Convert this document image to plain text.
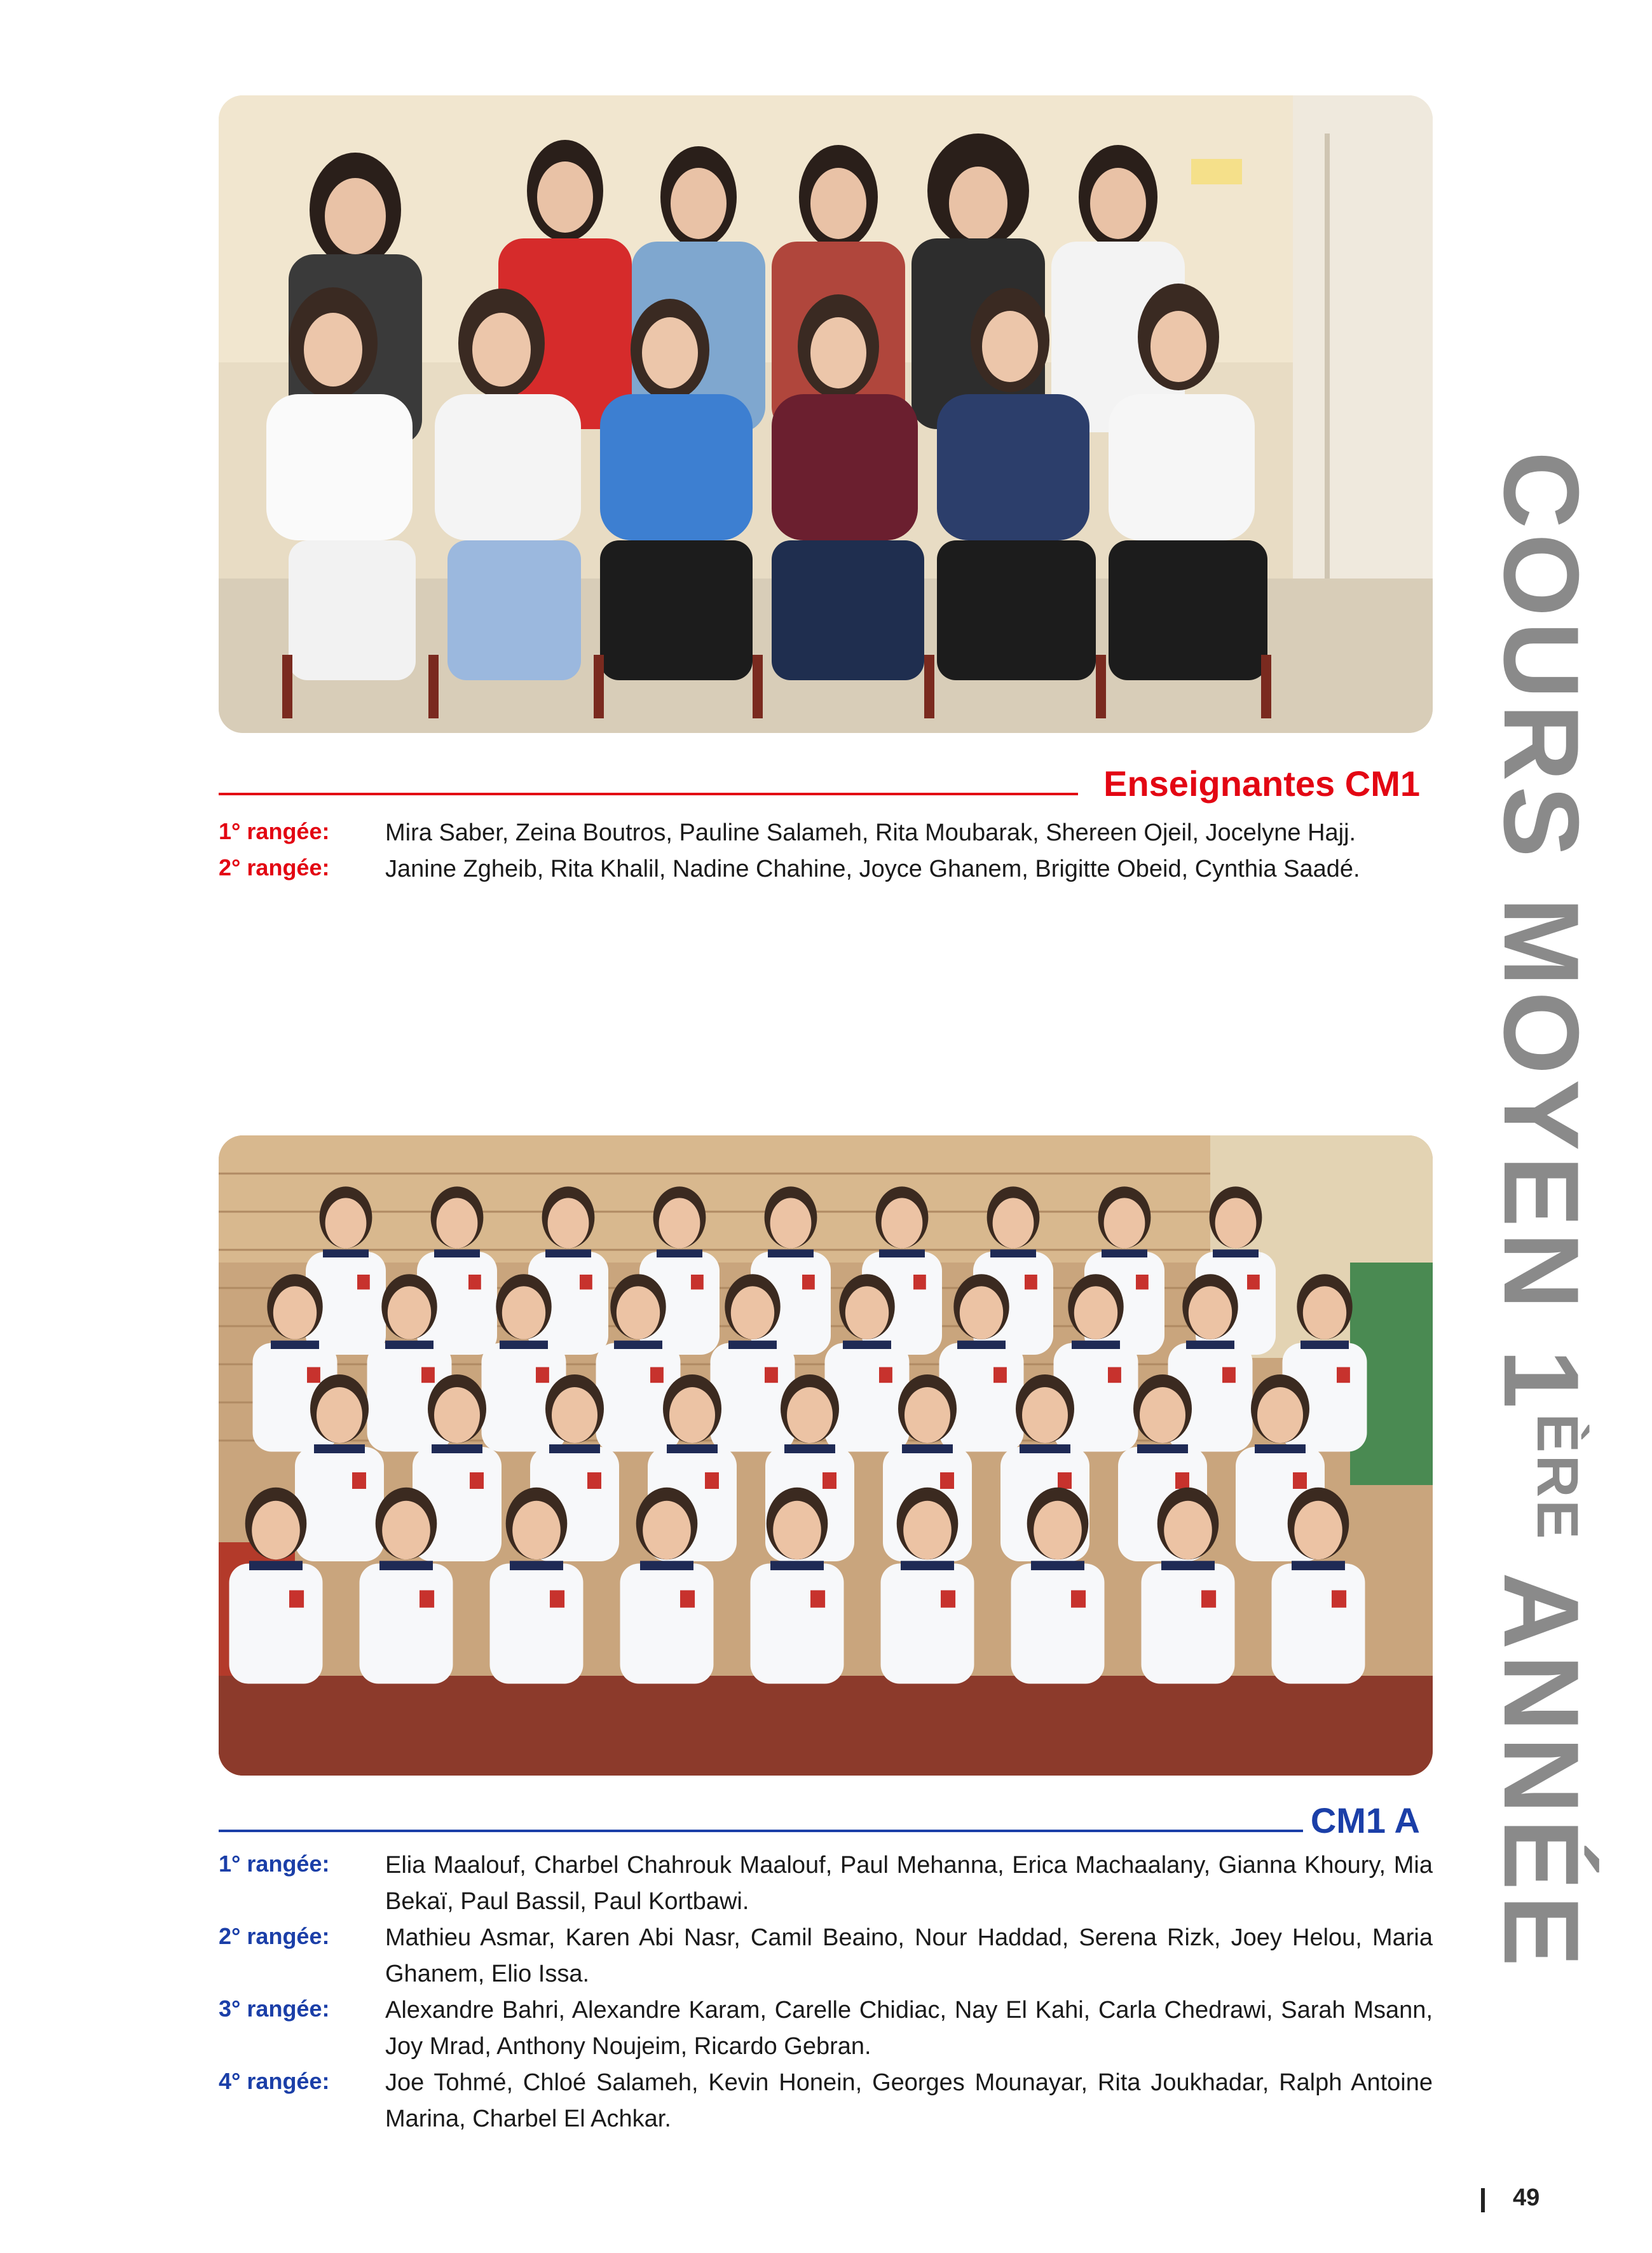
Enseignantes CM1
1° rangée:	Mira Saber, Zeina Boutros, Pauline Salameh, Rita Moubarak, Shereen Ojeil, Jocelyne Hajj.
2° rangée:	Janine Zgheib, Rita Khalil, Nadine Chahine, Joyce Ghanem, Brigitte Obeid, Cynthia Saadé.
CM1 A
1° rangée:	Elia Maalouf, Charbel Chahrouk Maalouf, Paul Mehanna, Erica Machaalany, Gianna Khoury, Mia Bekaï, Paul Bassil, Paul Kortbawi.
2° rangée:	Mathieu Asmar, Karen Abi Nasr, Camil Beaino, Nour Haddad, Serena Rizk, Joey Helou, Maria Ghanem, Elio Issa.
3° rangée:	Alexandre Bahri, Alexandre Karam, Carelle Chidiac, Nay El Kahi, Carla Chedrawi, Sarah Msann, Joy Mrad, Anthony Noujeim, Ricardo Gebran.
4° rangée:	Joe Tohmé, Chloé Salameh, Kevin Honein, Georges Mounayar, Rita Joukhadar, Ralph Antoine Marina, Charbel El Achkar.
COURS MOYEN 1ÈRE ANNÉE
49
